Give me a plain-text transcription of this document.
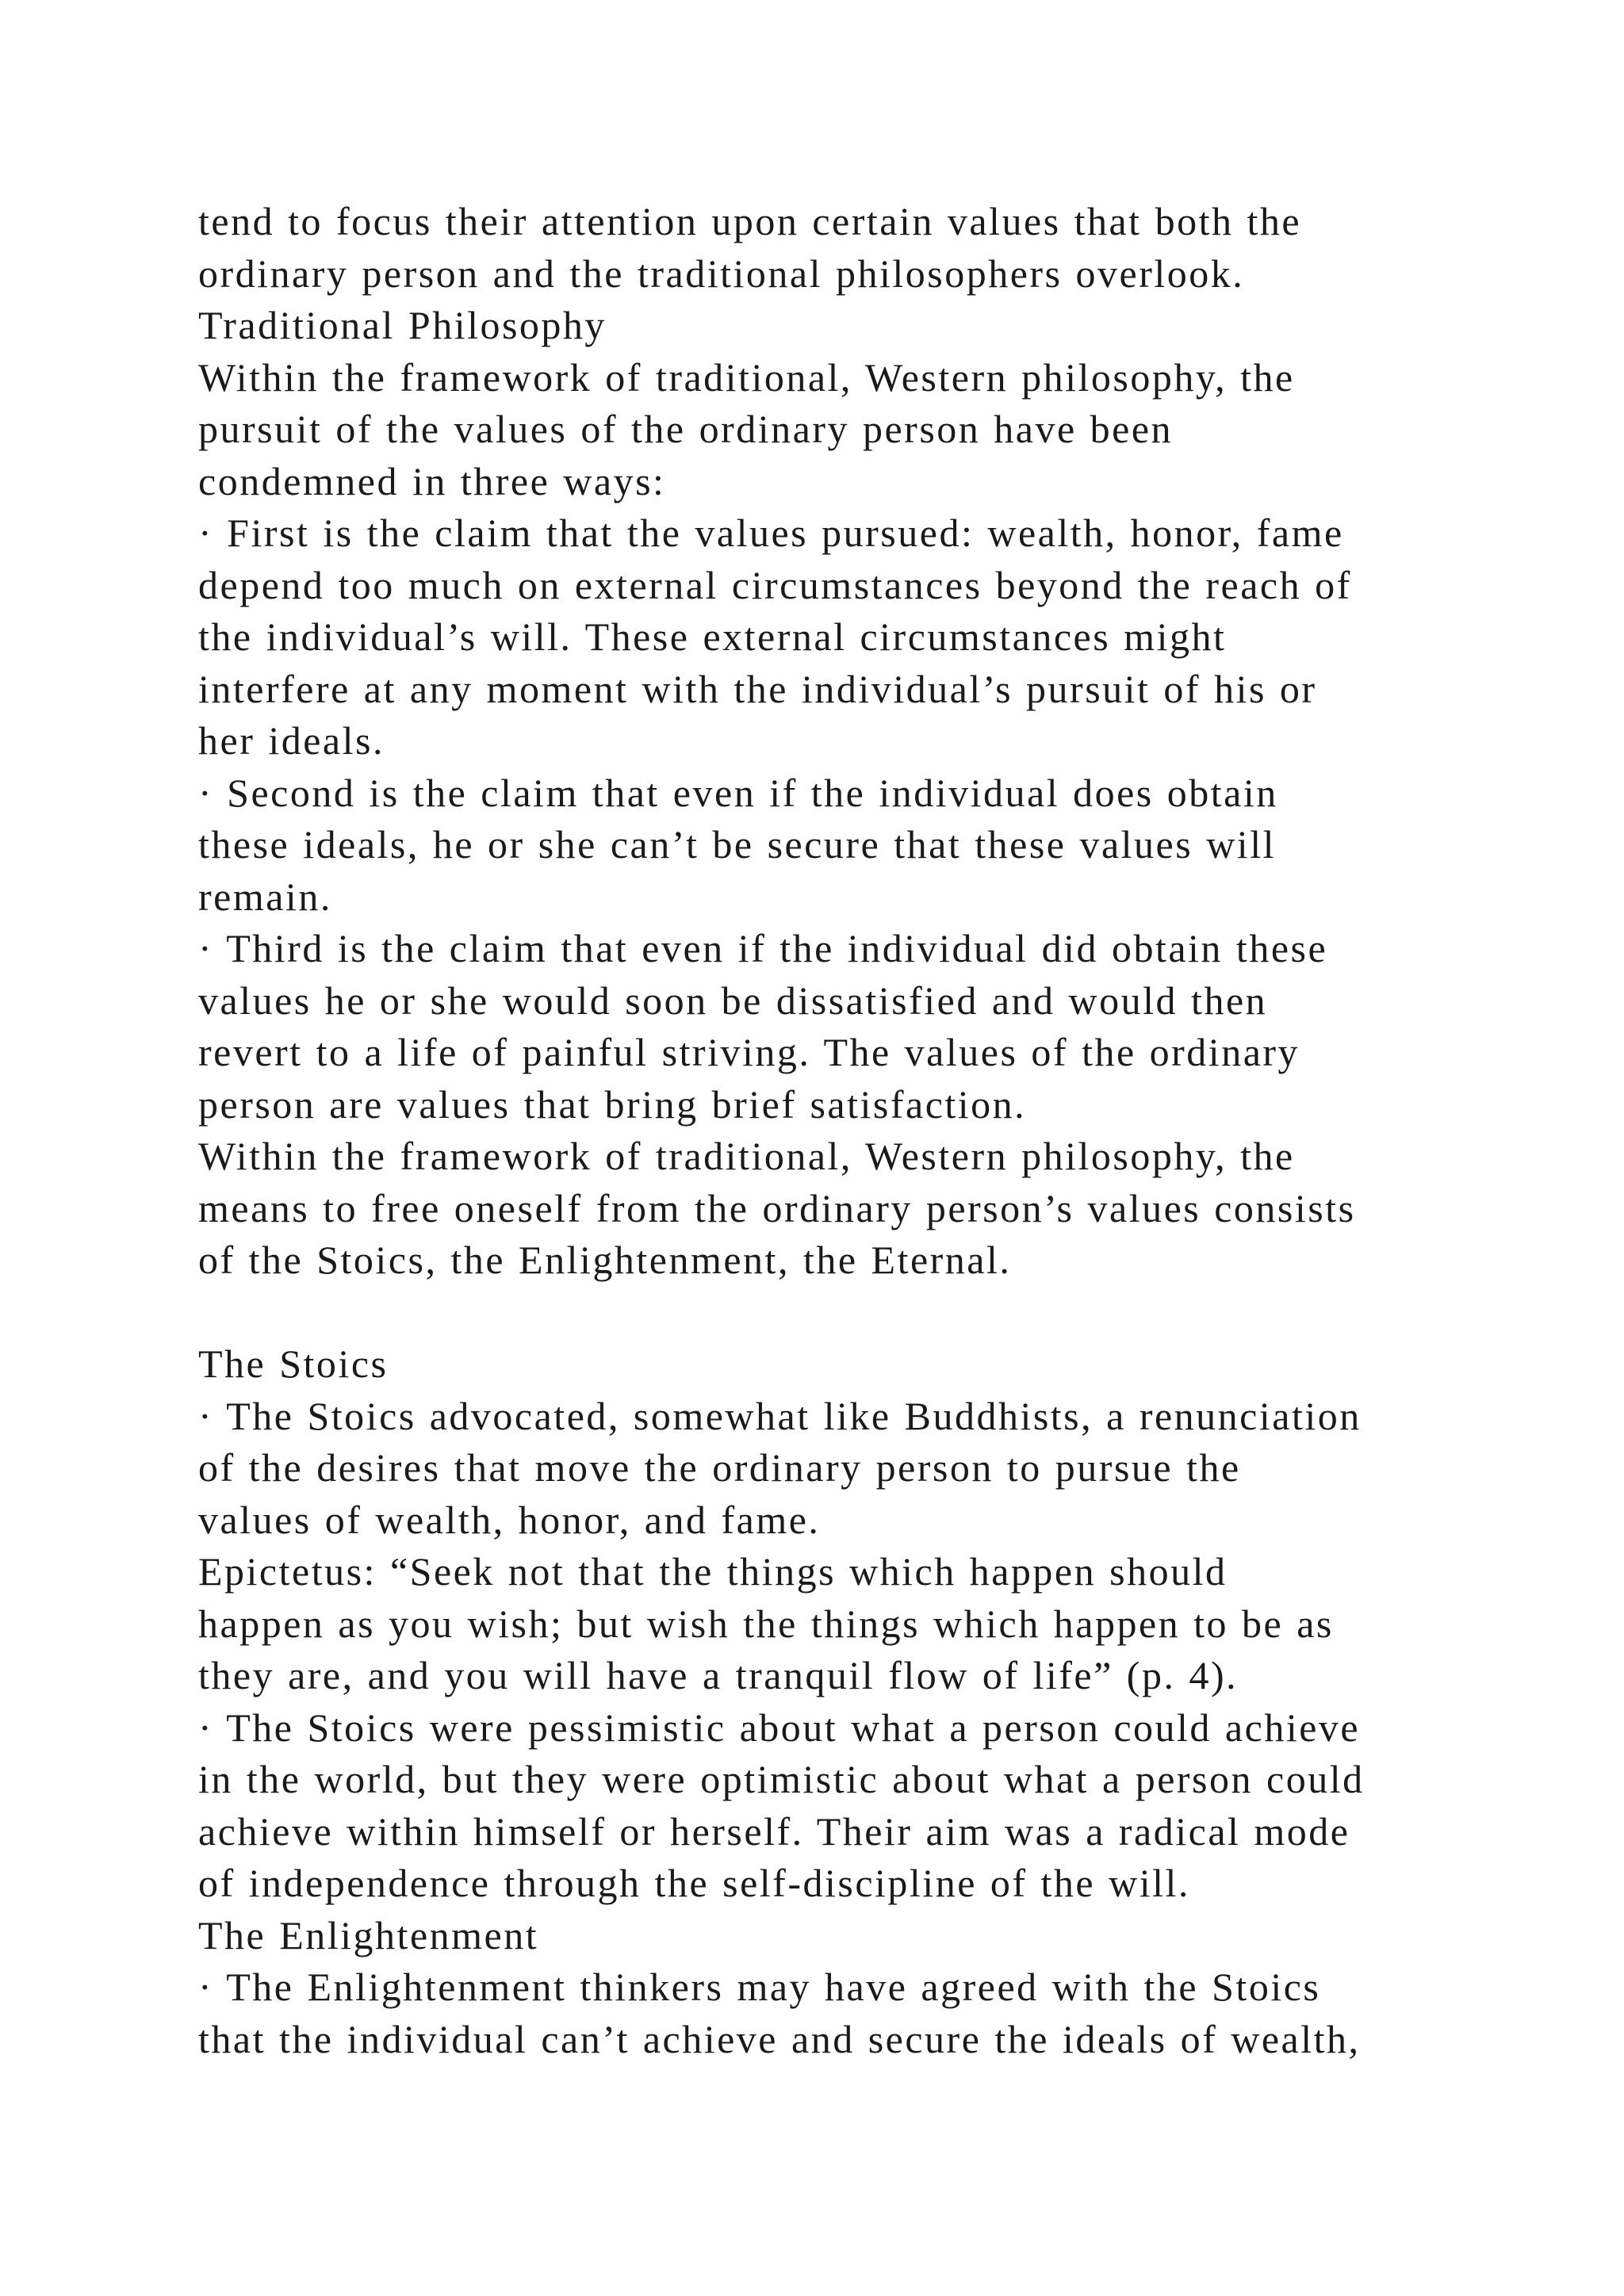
tend to focus their attention upon certain values that both the
ordinary person and the traditional philosophers overlook.
Traditional Philosophy
Within the framework of traditional, Western philosophy, the
pursuit of the values of the ordinary person have been
condemned in three ways:
· First is the claim that the values pursued: wealth, honor, fame
depend too much on external circumstances beyond the reach of
the individual’s will. These external circumstances might
interfere at any moment with the individual’s pursuit of his or
her ideals.
· Second is the claim that even if the individual does obtain
these ideals, he or she can’t be secure that these values will
remain.
· Third is the claim that even if the individual did obtain these
values he or she would soon be dissatisfied and would then
revert to a life of painful striving. The values of the ordinary
person are values that bring brief satisfaction.
Within the framework of traditional, Western philosophy, the
means to free oneself from the ordinary person’s values consists
of the Stoics, the Enlightenment, the Eternal.
The Stoics
· The Stoics advocated, somewhat like Buddhists, a renunciation
of the desires that move the ordinary person to pursue the
values of wealth, honor, and fame.
Epictetus: “Seek not that the things which happen should
happen as you wish; but wish the things which happen to be as
they are, and you will have a tranquil flow of life” (p. 4).
· The Stoics were pessimistic about what a person could achieve
in the world, but they were optimistic about what a person could
achieve within himself or herself. Their aim was a radical mode
of independence through the self-discipline of the will.
The Enlightenment
· The Enlightenment thinkers may have agreed with the Stoics
that the individual can’t achieve and secure the ideals of wealth,
